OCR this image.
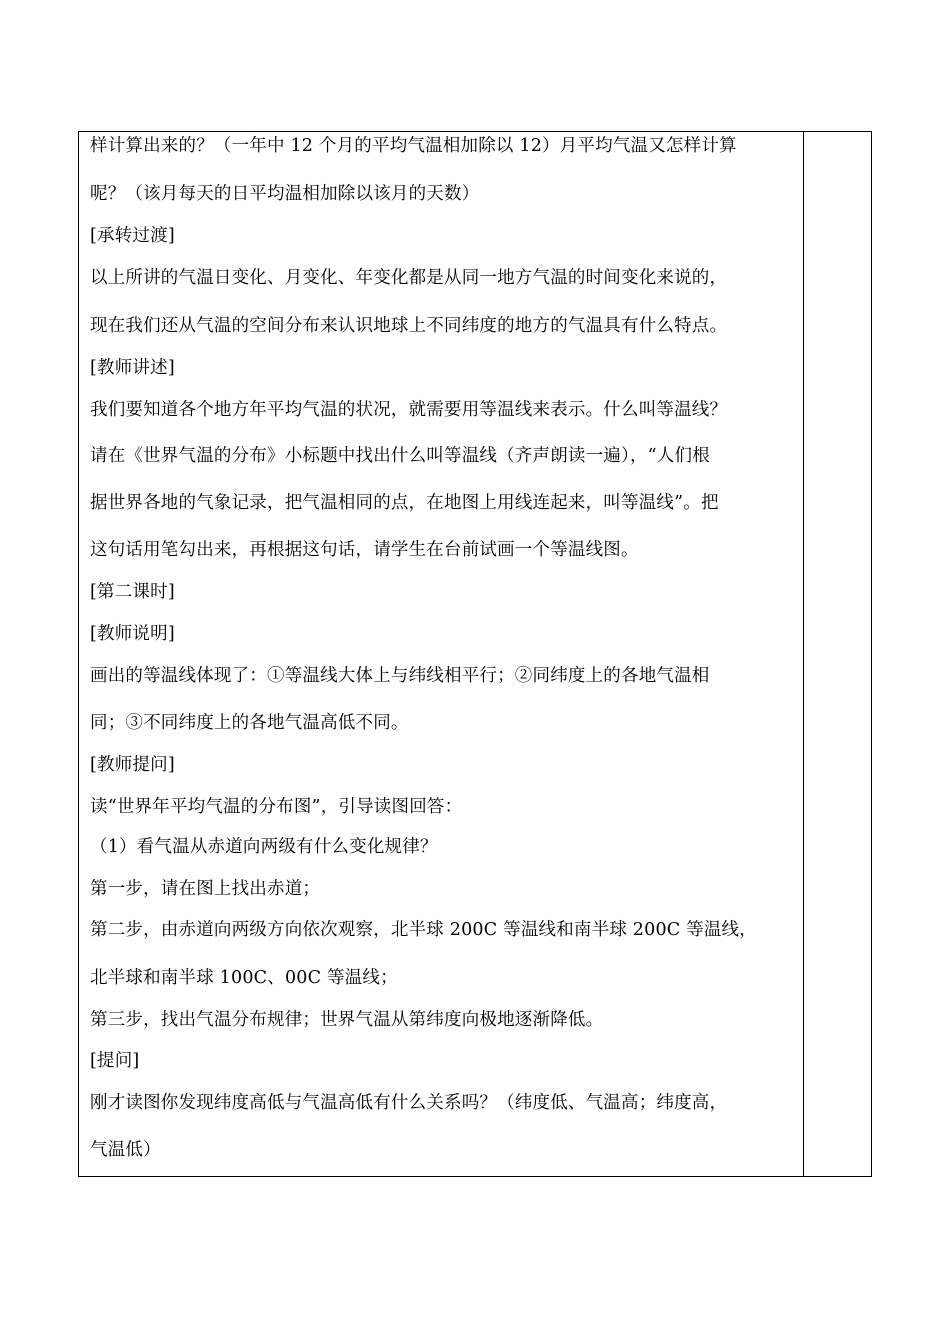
样计算出来的？（一年中 12 个月的平均气温相加除以 12）月平均气温又怎样计算
呢？（该月每天的日平均温相加除以该月的天数）
[承转过渡]
以上所讲的气温日变化、月变化、年变化都是从同一地方气温的时间变化来说的，
现在我们还从气温的空间分布来认识地球上不同纬度的地方的气温具有什么特点。
[教师讲述]
我们要知道各个地方年平均气温的状况，就需要用等温线来表示。什么叫等温线？
请在《世界气温的分布》小标题中找出什么叫等温线（齐声朗读一遍），“人们根
据世界各地的气象记录，把气温相同的点，在地图上用线连起来，叫等温线”。把
这句话用笔勾出来，再根据这句话，请学生在台前试画一个等温线图。
[第二课时]
[教师说明]
画出的等温线体现了：①等温线大体上与纬线相平行；②同纬度上的各地气温相
同；③不同纬度上的各地气温高低不同。
[教师提问]
读“世界年平均气温的分布图”，引导读图回答：
（1）看气温从赤道向两级有什么变化规律？
第一步，请在图上找出赤道；
第二步，由赤道向两级方向依次观察，北半球 200C 等温线和南半球 200C 等温线，
北半球和南半球 100C、00C 等温线；
第三步，找出气温分布规律；世界气温从第纬度向极地逐渐降低。
[提问]
刚才读图你发现纬度高低与气温高低有什么关系吗？（纬度低、气温高；纬度高，
气温低）
